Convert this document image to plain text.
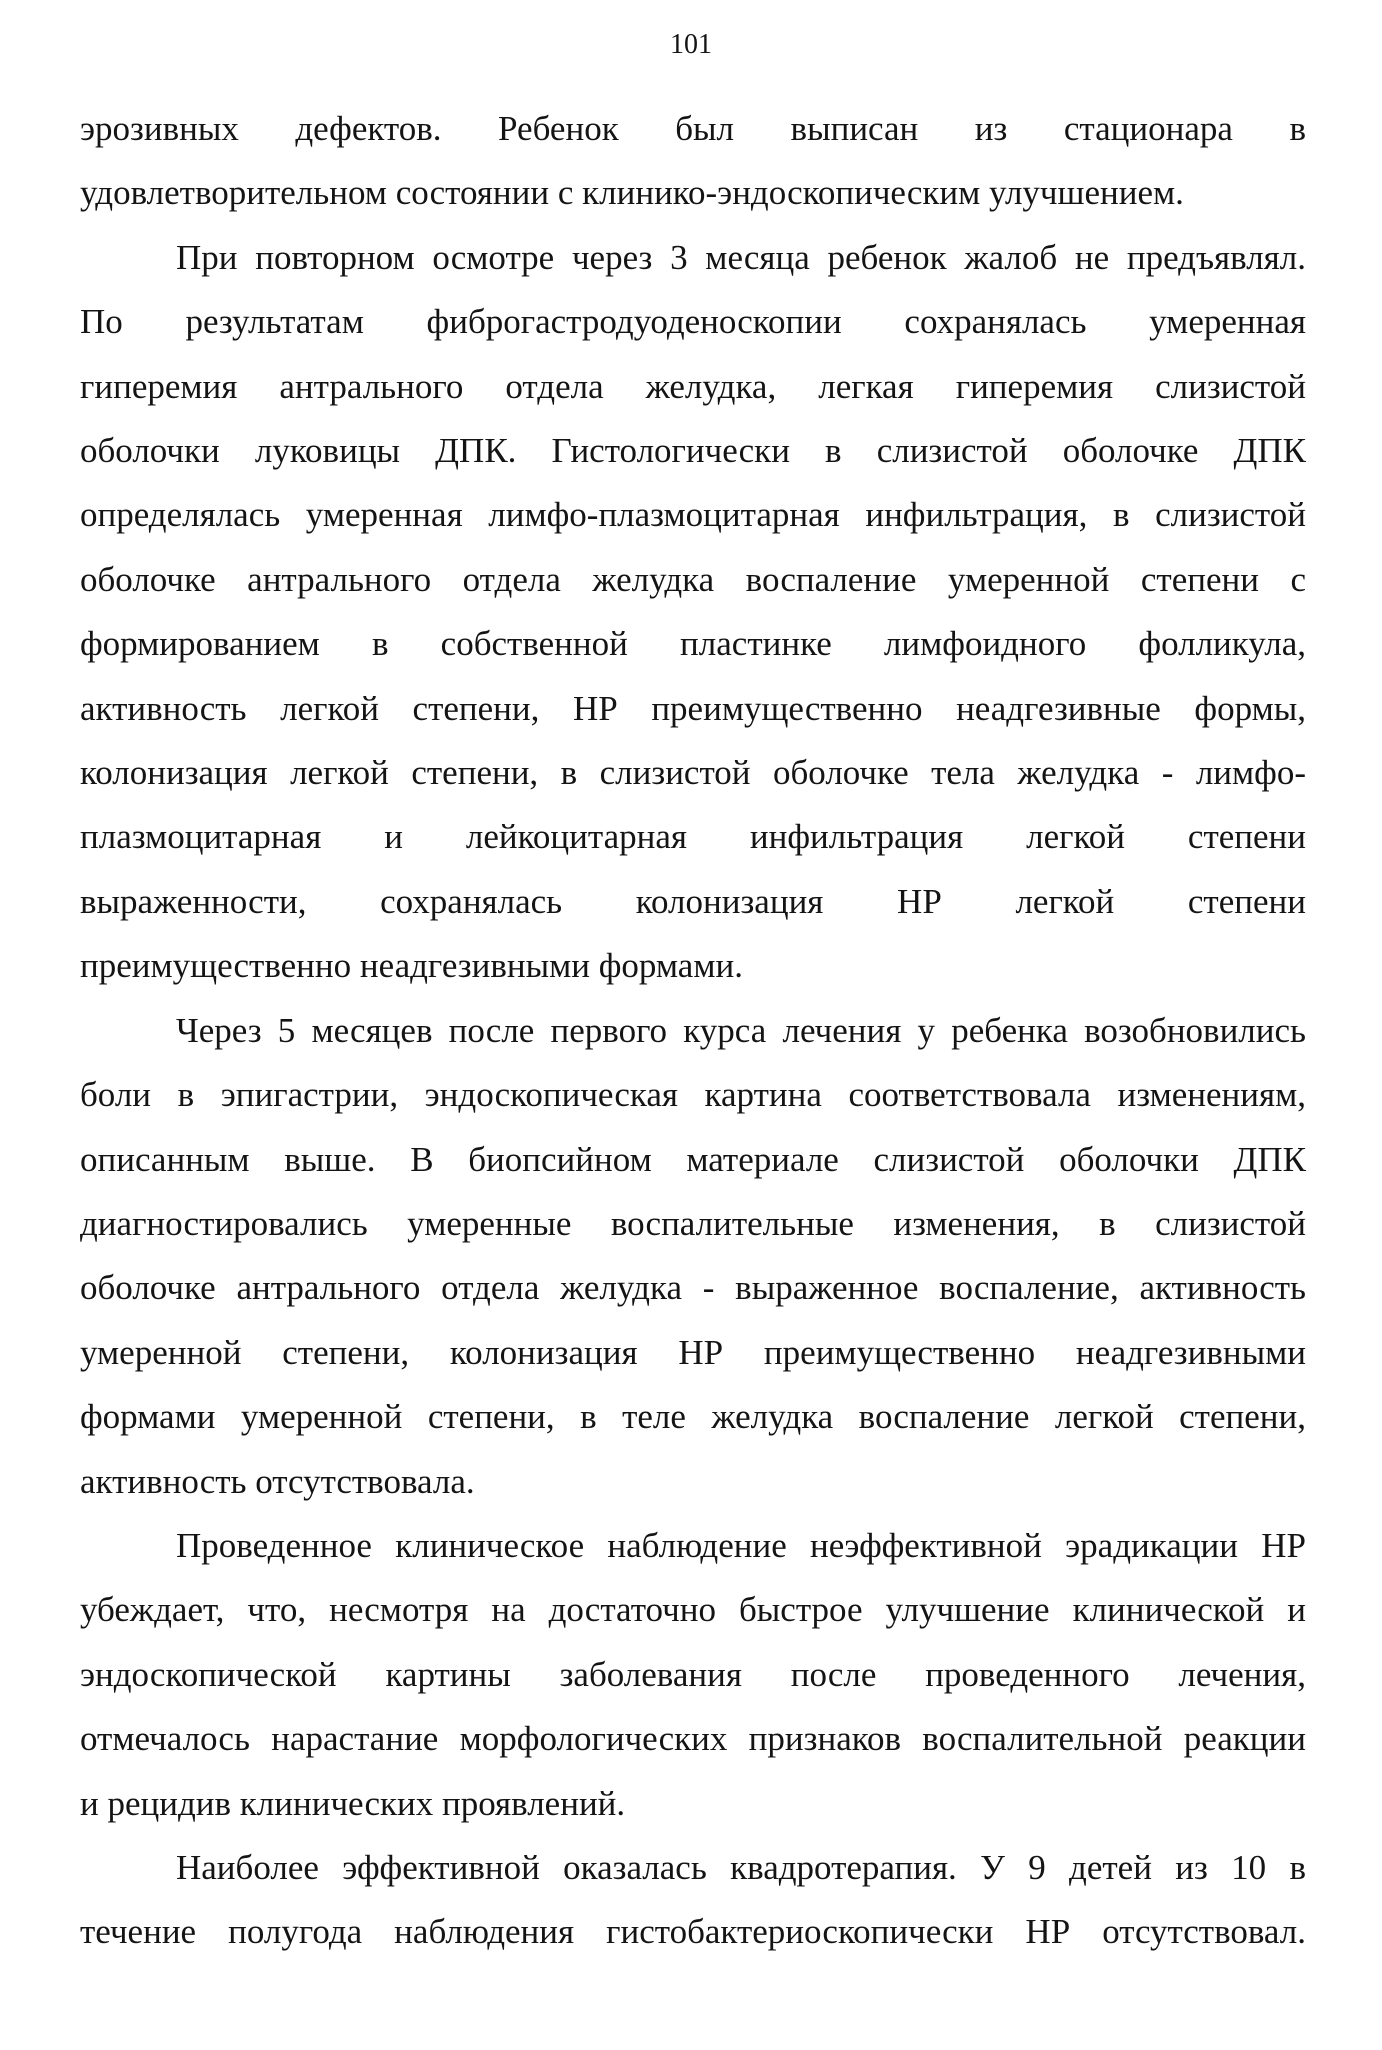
101
эрозивных дефектов. Ребенок был выписан из стационара в
удовлетворительном состоянии с клинико-эндоскопическим улучшением.
При повторном осмотре через 3 месяца ребенок жалоб не предъявлял.
По результатам фиброгастродуоденоскопии сохранялась умеренная
гиперемия антрального отдела желудка, легкая гиперемия слизистой
оболочки луковицы ДПК. Гистологически в слизистой оболочке ДПК
определялась умеренная лимфо-плазмоцитарная инфильтрация, в слизистой
оболочке антрального отдела желудка воспаление умеренной степени с
формированием в собственной пластинке лимфоидного фолликула,
активность легкой степени, НР преимущественно неадгезивные формы,
колонизация легкой степени, в слизистой оболочке тела желудка - лимфо-
плазмоцитарная и лейкоцитарная инфильтрация легкой степени
выраженности, сохранялась колонизация НР легкой степени
преимущественно неадгезивными формами.
Через 5 месяцев после первого курса лечения у ребенка возобновились
боли в эпигастрии, эндоскопическая картина соответствовала изменениям,
описанным выше. В биопсийном материале слизистой оболочки ДПК
диагностировались умеренные воспалительные изменения, в слизистой
оболочке антрального отдела желудка - выраженное воспаление, активность
умеренной степени, колонизация НР преимущественно неадгезивными
формами умеренной степени, в теле желудка воспаление легкой степени,
активность отсутствовала.
Проведенное клиническое наблюдение неэффективной эрадикации НР
убеждает, что, несмотря на достаточно быстрое улучшение клинической и
эндоскопической картины заболевания после проведенного лечения,
отмечалось нарастание морфологических признаков воспалительной реакции
и рецидив клинических проявлений.
Наиболее эффективной оказалась квадротерапия. У 9 детей из 10 в
течение полугода наблюдения гистобактериоскопически НР отсутствовал.
